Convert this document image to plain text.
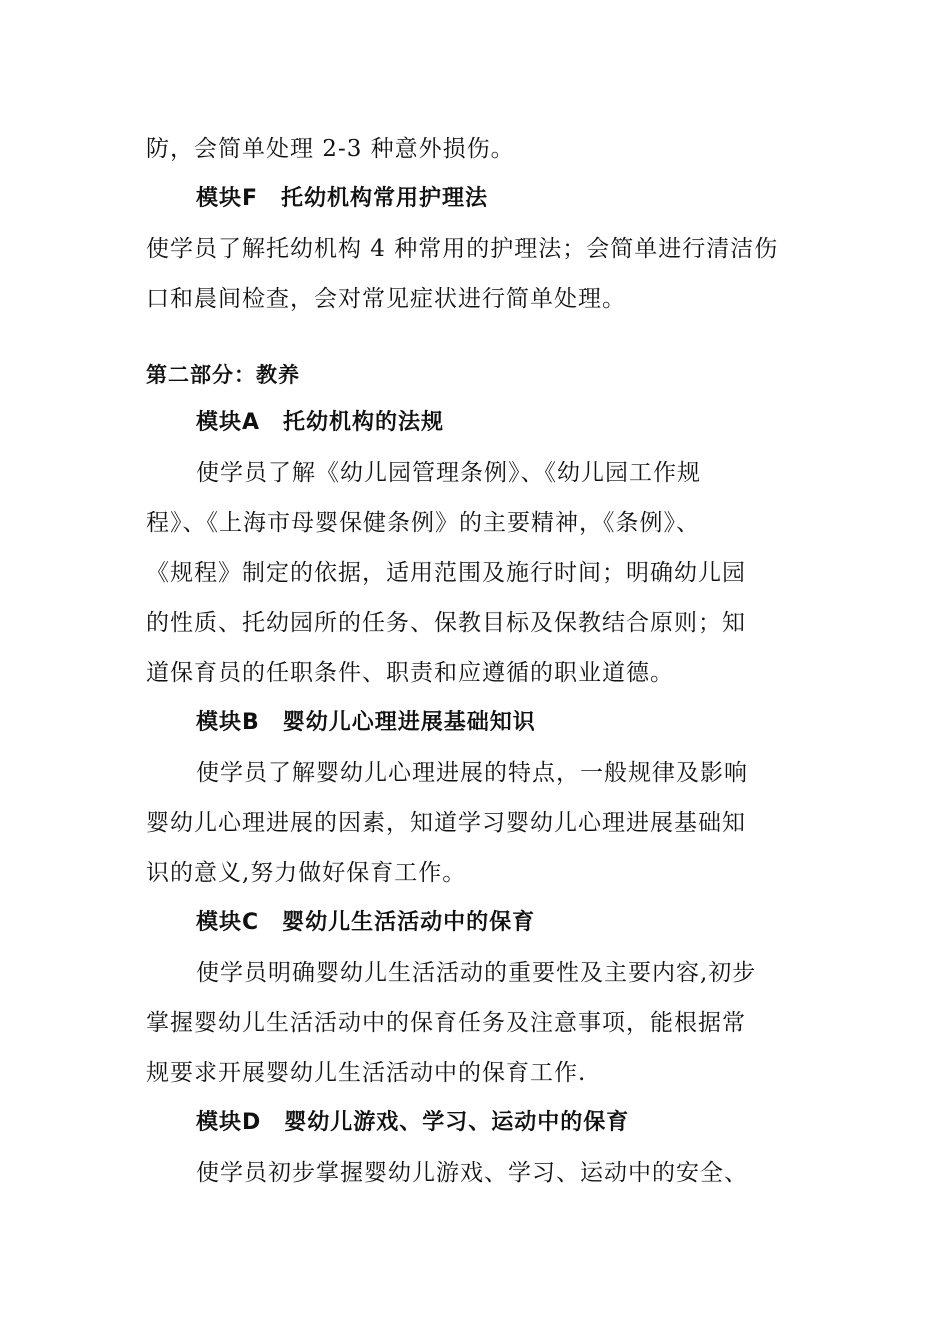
防，会简单处理 2-3 种意外损伤。
模块F　托幼机构常用护理法
使学员了解托幼机构 4 种常用的护理法；会简单进行清洁伤
口和晨间检查，会对常见症状进行简单处理。
第二部分：教养
模块A　托幼机构的法规
使学员了解《幼儿园管理条例》、《幼儿园工作规
程》、《上海市母婴保健条例》的主要精神，《条例》、
《规程》制定的依据，适用范围及施行时间；明确幼儿园
的性质、托幼园所的任务、保教目标及保教结合原则；知
道保育员的任职条件、职责和应遵循的职业道德。
模块B　婴幼儿心理进展基础知识
使学员了解婴幼儿心理进展的特点，一般规律及影响
婴幼儿心理进展的因素，知道学习婴幼儿心理进展基础知
识的意义,努力做好保育工作。
模块C　婴幼儿生活活动中的保育
使学员明确婴幼儿生活活动的重要性及主要内容,初步
掌握婴幼儿生活活动中的保育任务及注意事项，能根据常
规要求开展婴幼儿生活活动中的保育工作.
模块D　婴幼儿游戏、学习、运动中的保育
使学员初步掌握婴幼儿游戏、学习、运动中的安全、
